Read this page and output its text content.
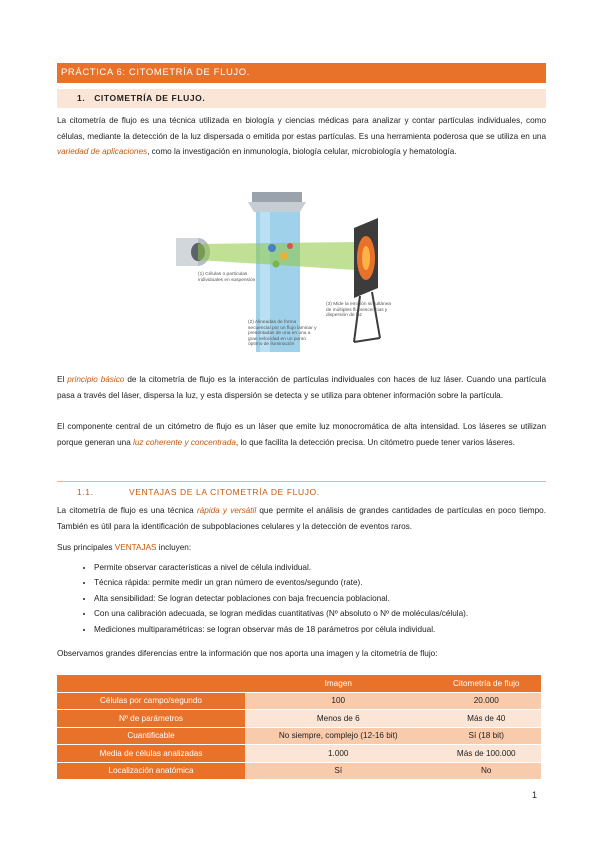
PRÁCTICA 6: CITOMETRÍA DE FLUJO.
1. CITOMETRÍA DE FLUJO.
La citometría de flujo es una técnica utilizada en biología y ciencias médicas para analizar y contar partículas individuales, como células, mediante la detección de la luz dispersada o emitida por estas partículas. Es una herramienta poderosa que se utiliza en una variedad de aplicaciones, como la investigación en inmunología, biología celular, microbiología y hematología.
(1) Células o partículas individuales en suspensión
(2) Alineadas de forma secuencial por un flujo laminar y presentadas de una en una a gran velocidad en un punto óptimo de iluminación
(3) Mide la emisión simultánea de múltiples fluorescencias y dispersión de luz
El principio básico de la citometría de flujo es la interacción de partículas individuales con haces de luz láser. Cuando una partícula pasa a través del láser, dispersa la luz, y esta dispersión se detecta y se utiliza para obtener información sobre la partícula.
El componente central de un citómetro de flujo es un láser que emite luz monocromática de alta intensidad. Los láseres se utilizan porque generan una luz coherente y concentrada, lo que facilita la detección precisa. Un citómetro puede tener varios láseres.
1.1.	VENTAJAS DE LA CITOMETRÍA DE FLUJO.
La citometría de flujo es una técnica rápida y versátil que permite el análisis de grandes cantidades de partículas en poco tiempo. También es útil para la identificación de subpoblaciones celulares y la detección de eventos raros.
Sus principales VENTAJAS incluyen:
• Permite observar características a nivel de célula individual.
• Técnica rápida: permite medir un gran número de eventos/segundo (rate).
• Alta sensibilidad: Se logran detectar poblaciones con baja frecuencia poblacional.
• Con una calibración adecuada, se logran medidas cuantitativas (Nº absoluto o Nº de moléculas/célula).
• Mediciones multiparamétricas: se logran observar más de 18 parámetros por célula individual.
Observamos grandes diferencias entre la información que nos aporta una imagen y la citometría de flujo:
	Imagen	Citometría de flujo
Células por campo/segundo	100	20.000
Nº de parámetros	Menos de 6	Más de 40
Cuantificable	No siempre, complejo (12-16 bit)	Sí (18 bit)
Media de células analizadas	1.000	Más de 100.000
Localización anatómica	Sí	No
1
